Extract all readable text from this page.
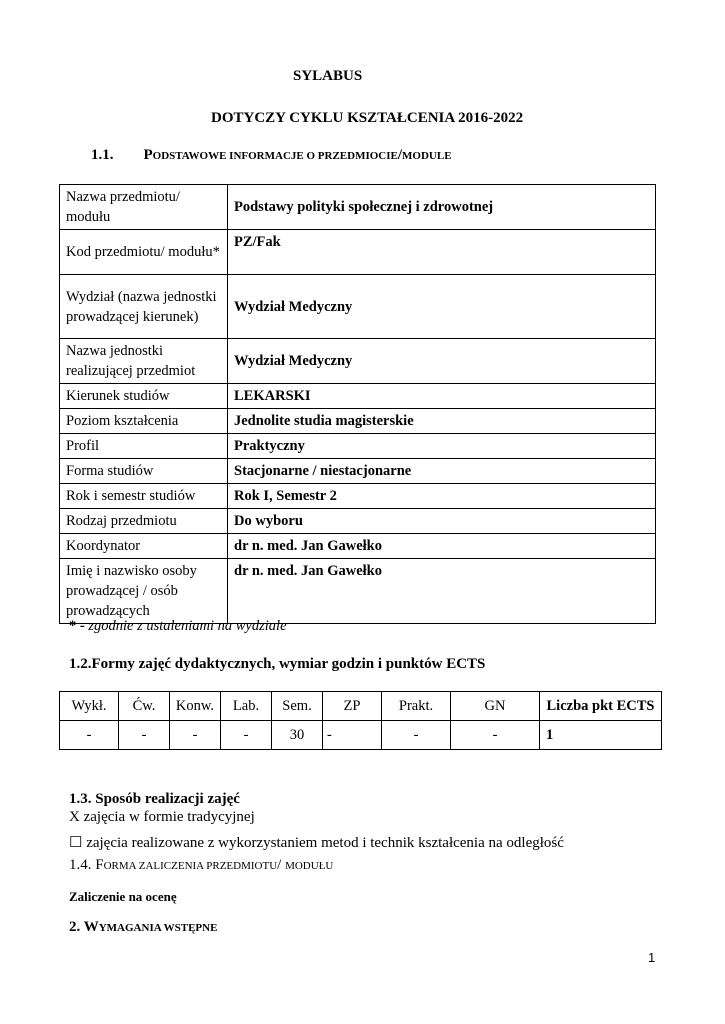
SYLABUS
DOTYCZY CYKLU KSZTAŁCENIA 2016-2022
1.1. PODSTAWOWE INFORMACJE O PRZEDMIOCIE/MODULE
Nazwa przedmiotu/ modułu	Podstawy polityki społecznej i zdrowotnej
Kod przedmiotu/ modułu*	PZ/Fak
Wydział (nazwa jednostki prowadzącej kierunek)	Wydział Medyczny
Nazwa jednostki realizującej przedmiot	Wydział Medyczny
Kierunek studiów	LEKARSKI
Poziom kształcenia	Jednolite studia magisterskie
Profil	Praktyczny
Forma studiów	Stacjonarne / niestacjonarne
Rok i semestr studiów	Rok I, Semestr 2
Rodzaj przedmiotu	Do wyboru
Koordynator	dr n. med. Jan Gawełko
Imię i nazwisko osoby prowadzącej / osób prowadzących	dr n. med. Jan Gawełko
* - zgodnie z ustaleniami na wydziale
1.2.Formy zajęć dydaktycznych, wymiar godzin i punktów ECTS
Wykł.	Ćw.	Konw.	Lab.	Sem.	ZP	Prakt.	GN	Liczba pkt ECTS
-	-	-	-	30	-	-	-	1
1.3. Sposób realizacji zajęć
X zajęcia w formie tradycyjnej
☐ zajęcia realizowane z wykorzystaniem metod i technik kształcenia na odległość
1.4. FORMA ZALICZENIA PRZEDMIOTU/ MODUŁU
Zaliczenie na ocenę
2. WYMAGANIA WSTĘPNE
1
